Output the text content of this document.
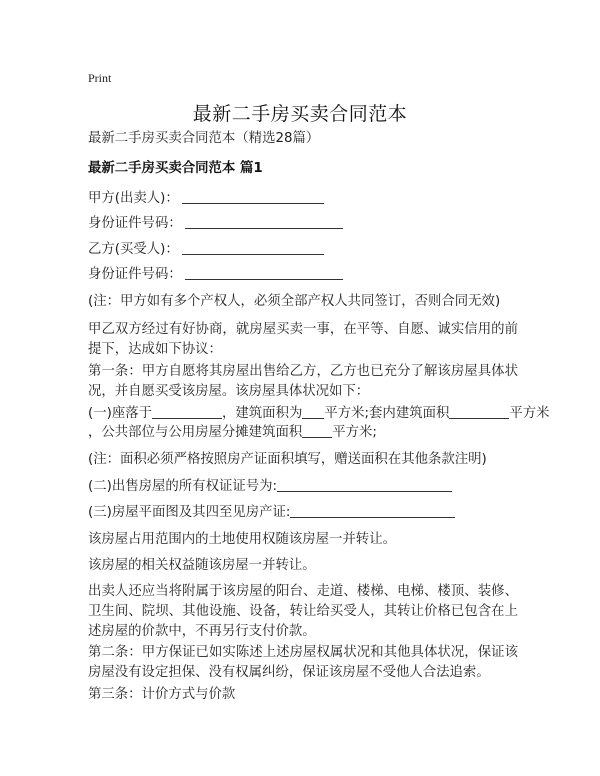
Print
最新二手房买卖合同范本
最新二手房买卖合同范本（精选28篇）
最新二手房买卖合同范本 篇1
甲方(出卖人)：
身份证件号码：
乙方(买受人)：
身份证件号码：
(注：甲方如有多个产权人，必须全部产权人共同签订，否则合同无效)
甲乙双方经过有好协商，就房屋买卖一事，在平等、自愿、诚实信用的前提下，达成如下协议：
第一条：甲方自愿将其房屋出售给乙方，乙方也已充分了解该房屋具体状况，并自愿买受该房屋。该房屋具体状况如下：
(一)座落于	，建筑面积为 平方米;套内建筑面积	平方米
，公共部位与公用房屋分摊建筑面积 平方米;
(注：面积必须严格按照房产证面积填写，赠送面积在其他条款注明)
(二)出售房屋的所有权证证号为:
(三)房屋平面图及其四至见房产证:
该房屋占用范围内的土地使用权随该房屋一并转让。
该房屋的相关权益随该房屋一并转让。
出卖人还应当将附属于该房屋的阳台、走道、楼梯、电梯、楼顶、装修、卫生间、院坝、其他设施、设备，转让给买受人，其转让价格已包含在上述房屋的价款中，不再另行支付价款。
第二条：甲方保证已如实陈述上述房屋权属状况和其他具体状况，保证该房屋没有设定担保、没有权属纠纷，保证该房屋不受他人合法追索。
第三条：计价方式与价款
